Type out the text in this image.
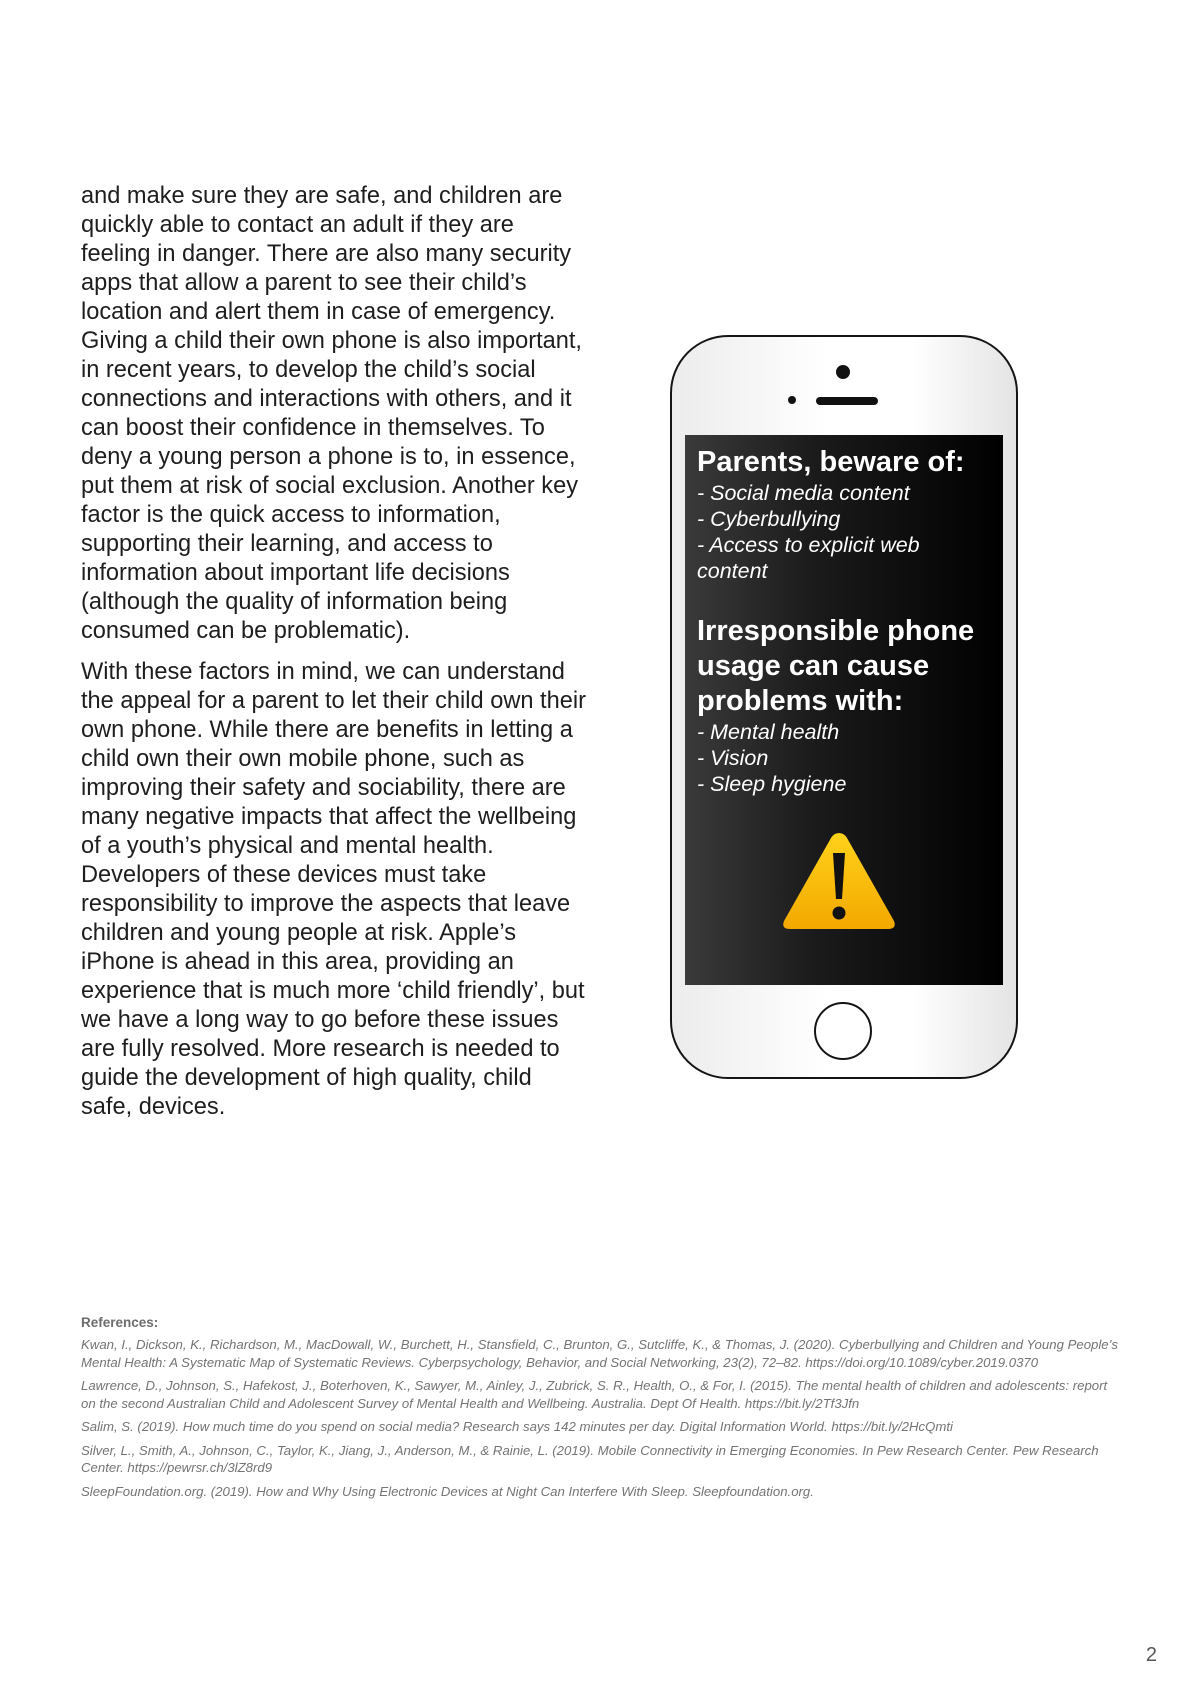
and make sure they are safe, and children are quickly able to contact an adult if they are feeling in danger. There are also many security apps that allow a parent to see their child’s location and alert them in case of emergency. Giving a child their own phone is also important, in recent years, to develop the child’s social connections and interactions with others, and it can boost their confidence in themselves. To deny a young person a phone is to, in essence, put them at risk of social exclusion. Another key factor is the quick access to information, supporting their learning, and access to information about important life decisions (although the quality of information being consumed can be problematic).

With these factors in mind, we can understand the appeal for a parent to let their child own their own phone. While there are benefits in letting a child own their own mobile phone, such as improving their safety and sociability, there are many negative impacts that affect the wellbeing of a youth’s physical and mental health. Developers of these devices must take responsibility to improve the aspects that leave children and young people at risk. Apple’s iPhone is ahead in this area, providing an experience that is much more ‘child friendly’, but we have a long way to go before these issues are fully resolved. More research is needed to guide the development of high quality, child safe, devices.

Parents, beware of:
- Social media content
- Cyberbullying
- Access to explicit web content
Irresponsible phone usage can cause problems with:
- Mental health
- Vision
- Sleep hygiene
References:

Kwan, I., Dickson, K., Richardson, M., MacDowall, W., Burchett, H., Stansfield, C., Brunton, G., Sutcliffe, K., & Thomas, J. (2020). Cyberbullying and Children and Young People’s Mental Health: A Systematic Map of Systematic Reviews. Cyberpsychology, Behavior, and Social Networking, 23(2), 72–82. https://doi.org/10.1089/cyber.2019.0370

Lawrence, D., Johnson, S., Hafekost, J., Boterhoven, K., Sawyer, M., Ainley, J., Zubrick, S. R., Health, O., & For, I. (2015). The mental health of children and adolescents: report on the second Australian Child and Adolescent Survey of Mental Health and Wellbeing. Australia. Dept Of Health. https://bit.ly/2Tf3Jfn

Salim, S. (2019). How much time do you spend on social media? Research says 142 minutes per day. Digital Information World. https://bit.ly/2HcQmti

Silver, L., Smith, A., Johnson, C., Taylor, K., Jiang, J., Anderson, M., & Rainie, L. (2019). Mobile Connectivity in Emerging Economies. In Pew Research Center. Pew Research Center. https://pewrsr.ch/3lZ8rd9

SleepFoundation.org. (2019). How and Why Using Electronic Devices at Night Can Interfere With Sleep. Sleepfoundation.org.

2
